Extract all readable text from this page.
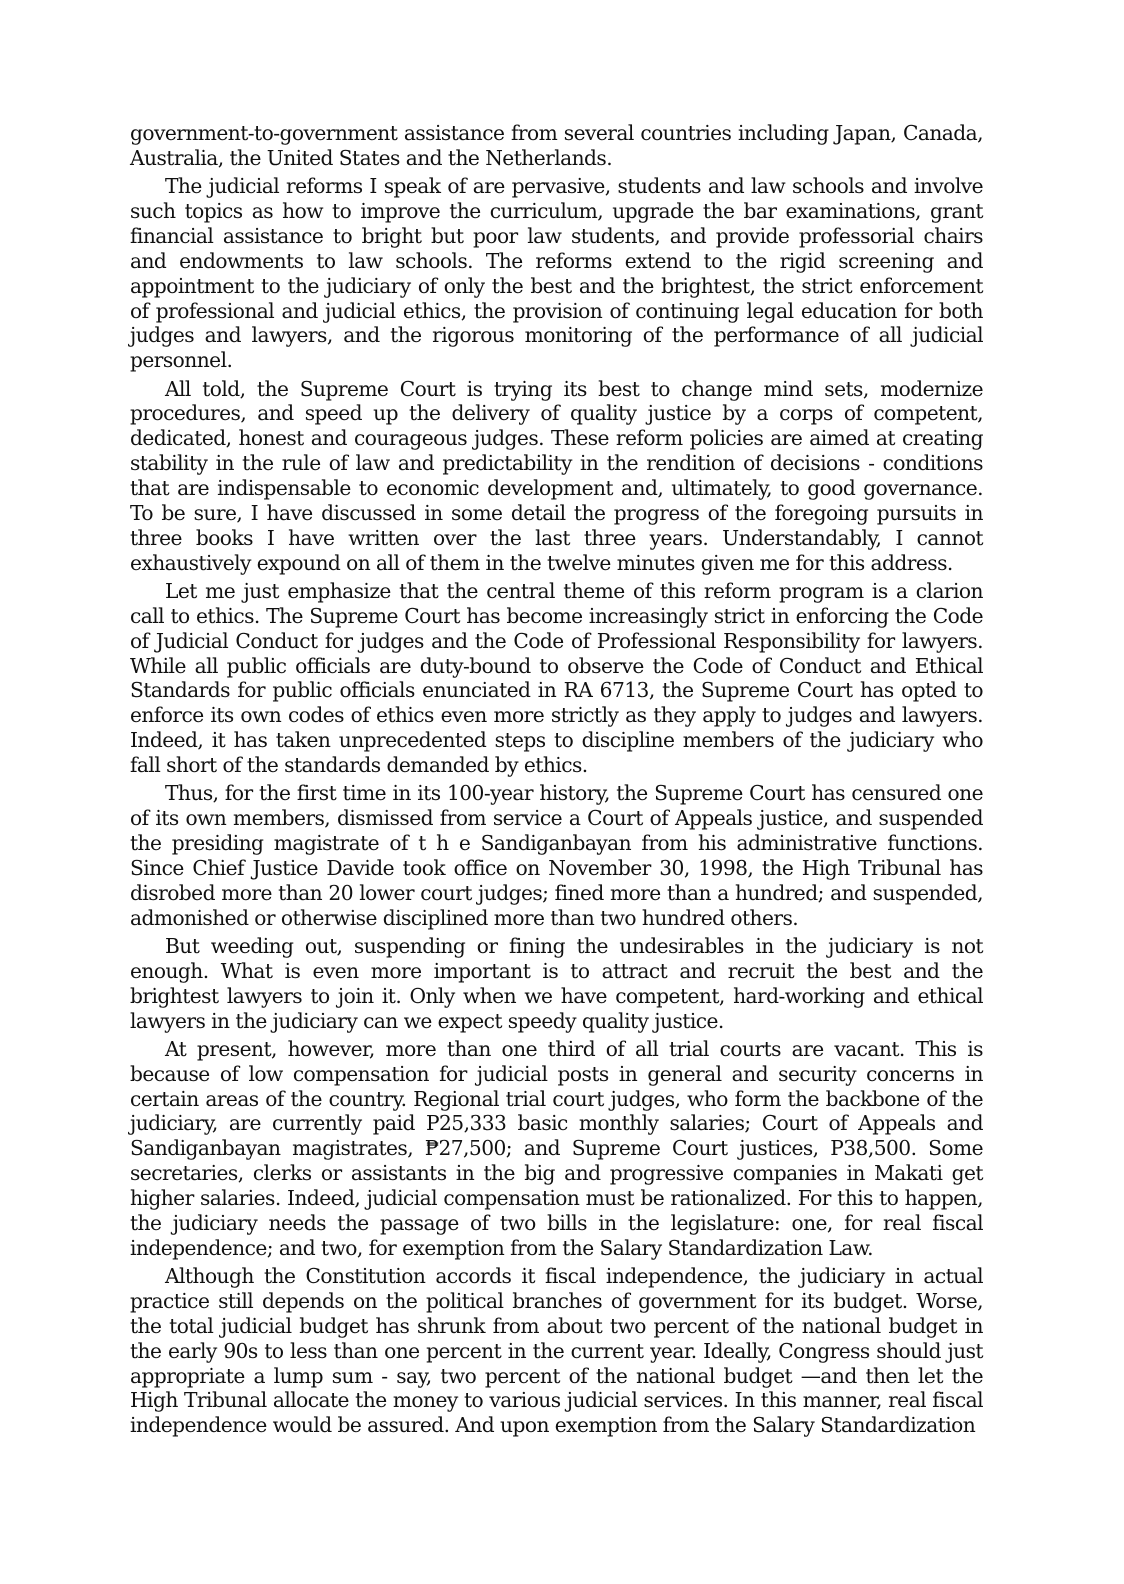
government-to-government assistance from several countries including Japan, Canada, Australia, the United States and the Netherlands.

The judicial reforms I speak of are pervasive, students and law schools and involve such topics as how to improve the curriculum, upgrade the bar examinations, grant financial assistance to bright but poor law students, and provide professorial chairs and endowments to law schools. The reforms extend to the rigid screening and appointment to the judiciary of only the best and the brightest, the strict enforcement of professional and judicial ethics, the provision of continuing legal education for both judges and lawyers, and the rigorous monitoring of the performance of all judicial personnel.

All told, the Supreme Court is trying its best to change mind sets, modernize procedures, and speed up the delivery of quality justice by a corps of competent, dedicated, honest and courageous judges. These reform policies are aimed at creating stability in the rule of law and predictability in the rendition of decisions - conditions that are indispensable to economic development and, ultimately, to good governance. To be sure, I have discussed in some detail the progress of the foregoing pursuits in three books I have written over the last three years. Understandably, I cannot exhaustively expound on all of them in the twelve minutes given me for this address.

Let me just emphasize that the central theme of this reform program is a clarion call to ethics. The Supreme Court has become increasingly strict in enforcing the Code of Judicial Conduct for judges and the Code of Professional Responsibility for lawyers. While all public officials are duty-bound to observe the Code of Conduct and Ethical Standards for public officials enunciated in RA 6713, the Supreme Court has opted to enforce its own codes of ethics even more strictly as they apply to judges and lawyers. Indeed, it has taken unprecedented steps to discipline members of the judiciary who fall short of the standards demanded by ethics.

Thus, for the first time in its 100-year history, the Supreme Court has censured one of its own members, dismissed from service a Court of Appeals justice, and suspended the presiding magistrate of t h e Sandiganbayan from his administrative functions. Since Chief Justice Davide took office on November 30, 1998, the High Tribunal has disrobed more than 20 lower court judges; fined more than a hundred; and suspended, admonished or otherwise disciplined more than two hundred others.

But weeding out, suspending or fining the undesirables in the judiciary is not enough. What is even more important is to attract and recruit the best and the brightest lawyers to join it. Only when we have competent, hard-working and ethical lawyers in the judiciary can we expect speedy quality justice.

At present, however, more than one third of all trial courts are vacant. This is because of low compensation for judicial posts in general and security concerns in certain areas of the country. Regional trial court judges, who form the backbone of the judiciary, are currently paid P25,333 basic monthly salaries; Court of Appeals and Sandiganbayan magistrates, ₱27,500; and Supreme Court justices, P38,500. Some secretaries, clerks or assistants in the big and progressive companies in Makati get higher salaries. Indeed, judicial compensation must be rationalized. For this to happen, the judiciary needs the passage of two bills in the legislature: one, for real fiscal independence; and two, for exemption from the Salary Standardization Law.

Although the Constitution accords it fiscal independence, the judiciary in actual practice still depends on the political branches of government for its budget. Worse, the total judicial budget has shrunk from about two percent of the national budget in the early 90s to less than one percent in the current year. Ideally, Congress should just appropriate a lump sum - say, two percent of the national budget —and then let the High Tribunal allocate the money to various judicial services. In this manner, real fiscal independence would be assured. And upon exemption from the Salary Standardization
